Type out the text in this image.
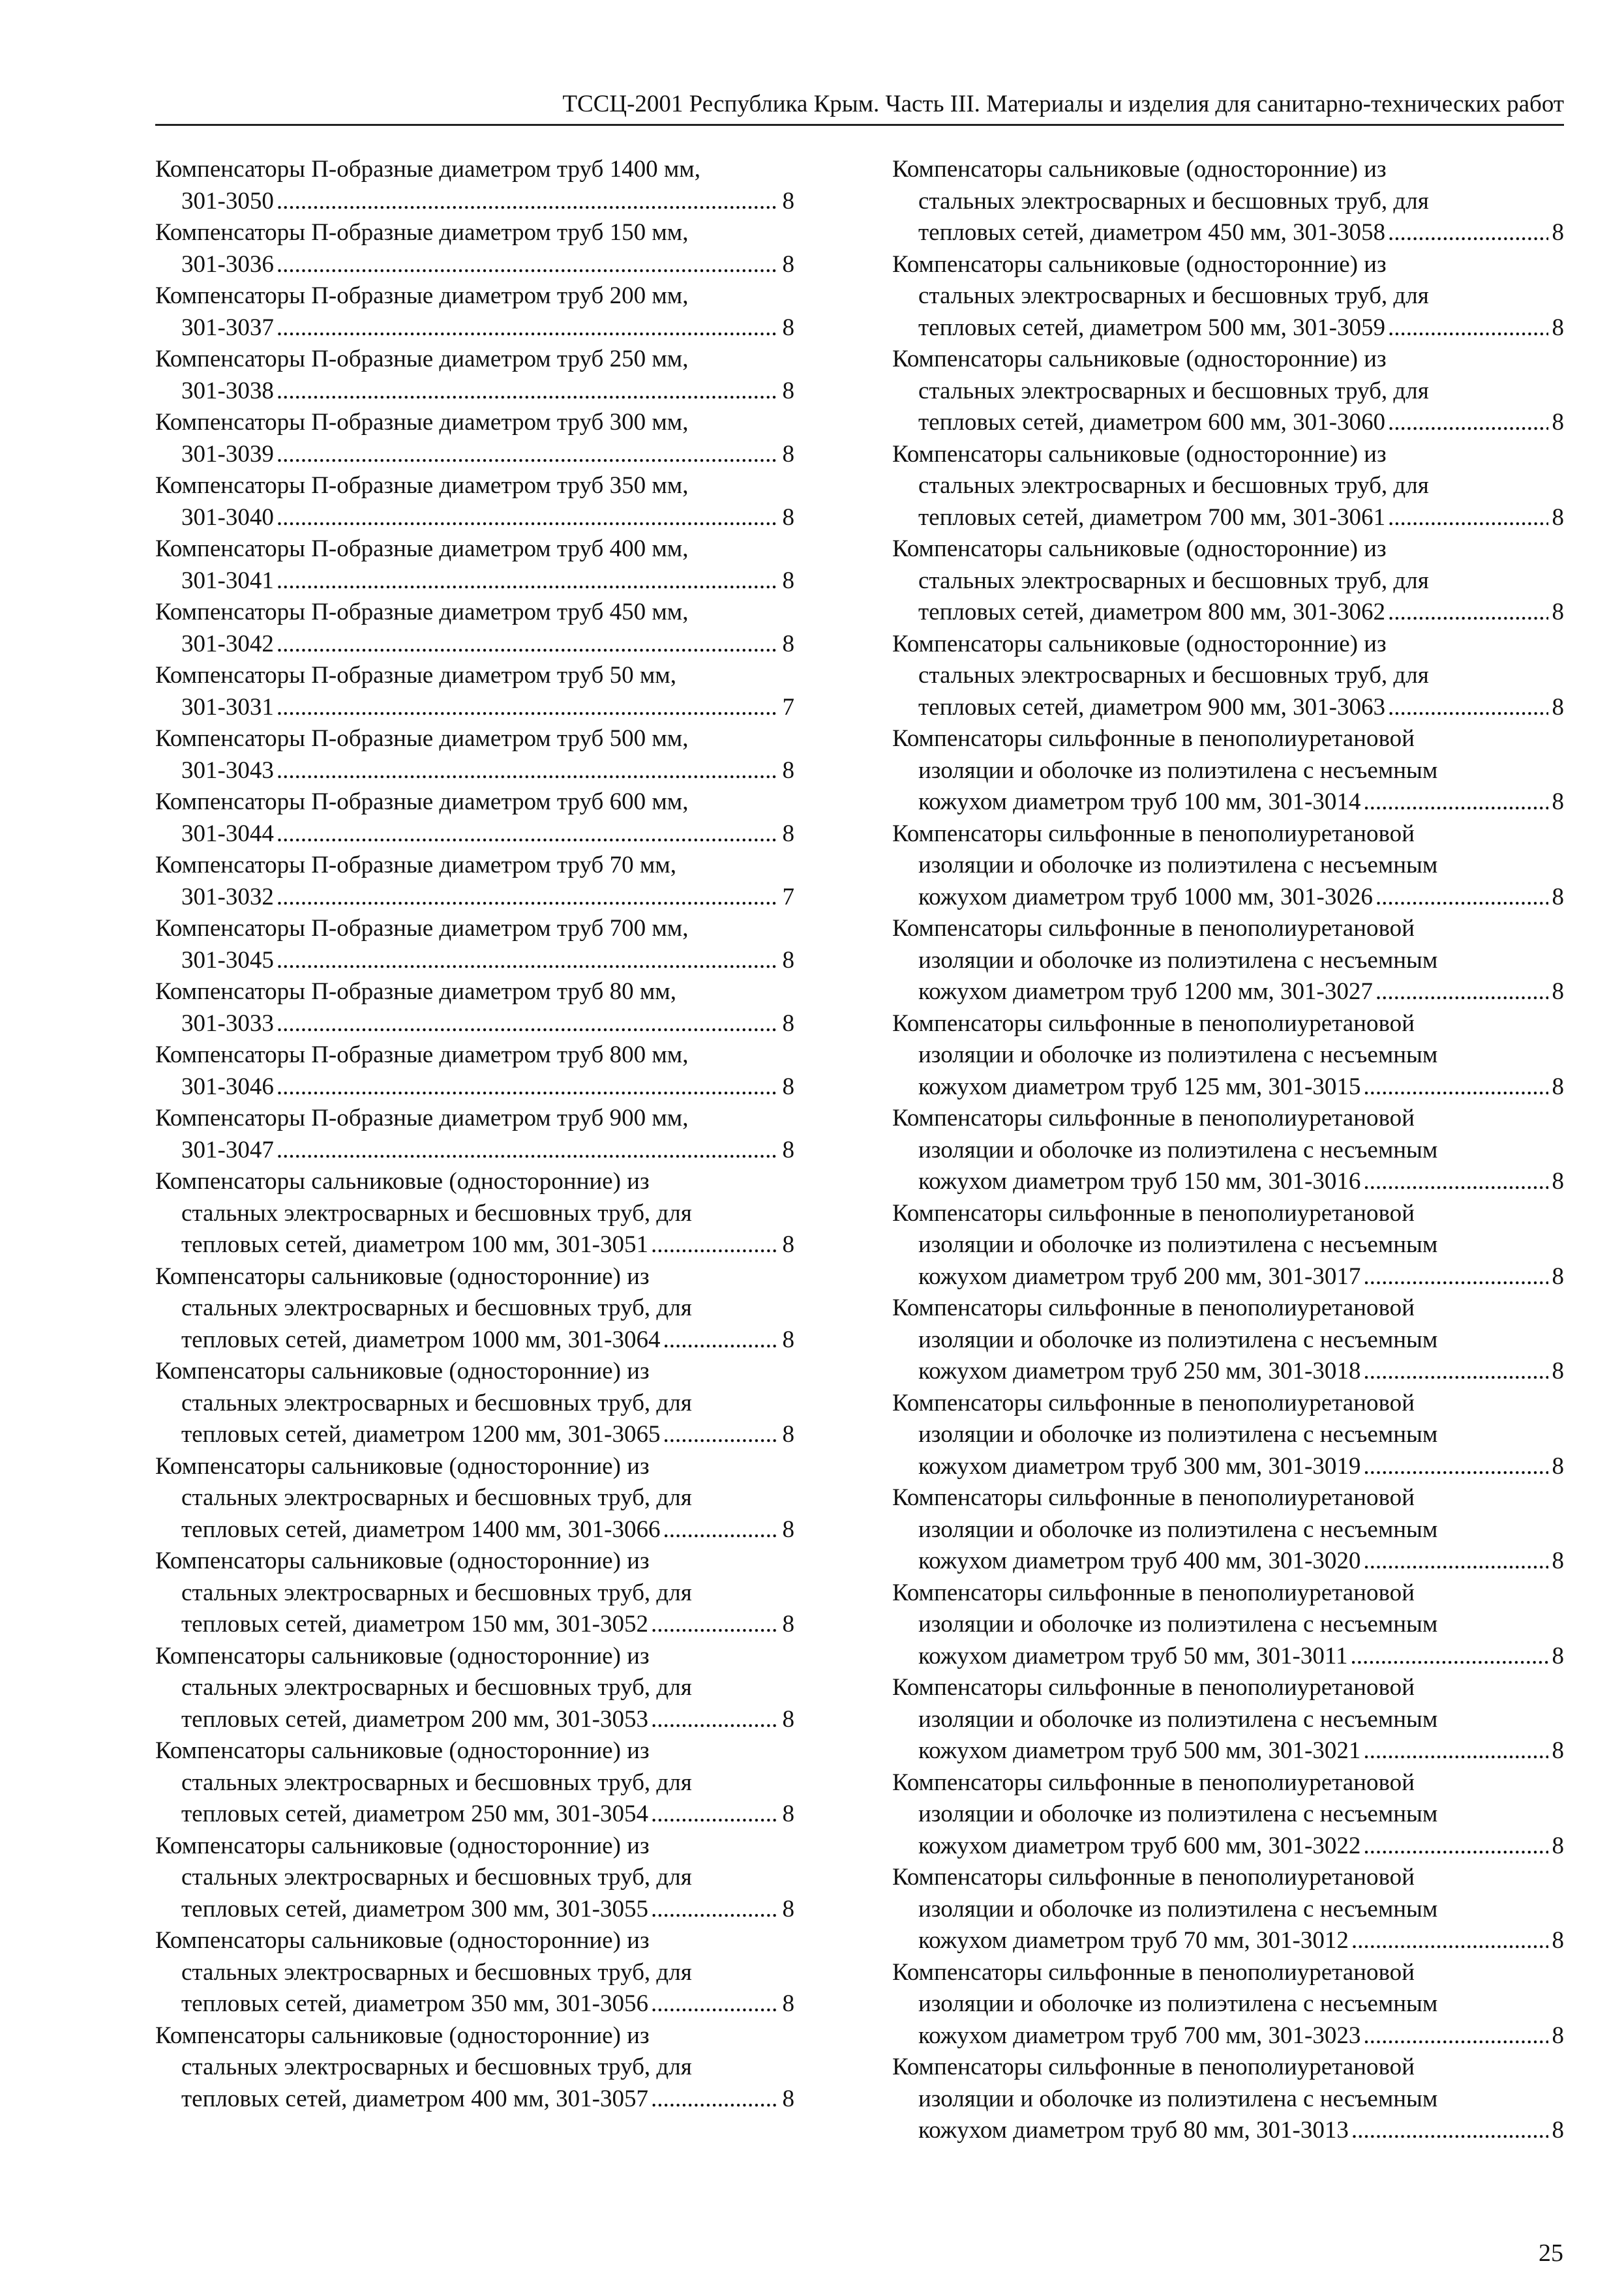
ТССЦ-2001 Республика Крым. Часть III. Материалы и изделия для санитарно-технических работ
Компенсаторы П-образные диаметром труб 1400 мм,
301-3050 .....	8
Компенсаторы П-образные диаметром труб 150 мм,
301-3036 .....	8
Компенсаторы П-образные диаметром труб 200 мм,
301-3037 .....	8
Компенсаторы П-образные диаметром труб 250 мм,
301-3038 .....	8
Компенсаторы П-образные диаметром труб 300 мм,
301-3039 .....	8
Компенсаторы П-образные диаметром труб 350 мм,
301-3040 .....	8
Компенсаторы П-образные диаметром труб 400 мм,
301-3041 .....	8
Компенсаторы П-образные диаметром труб 450 мм,
301-3042 .....	8
Компенсаторы П-образные диаметром труб 50 мм,
301-3031 .....	7
Компенсаторы П-образные диаметром труб 500 мм,
301-3043 .....	8
Компенсаторы П-образные диаметром труб 600 мм,
301-3044 .....	8
Компенсаторы П-образные диаметром труб 70 мм,
301-3032 .....	7
Компенсаторы П-образные диаметром труб 700 мм,
301-3045 .....	8
Компенсаторы П-образные диаметром труб 80 мм,
301-3033 .....	8
Компенсаторы П-образные диаметром труб 800 мм,
301-3046 .....	8
Компенсаторы П-образные диаметром труб 900 мм,
301-3047 .....	8
Компенсаторы сальниковые (односторонние) из
стальных электросварных и бесшовных труб, для
тепловых сетей, диаметром 100 мм, 301-3051 .....	8
Компенсаторы сальниковые (односторонние) из
стальных электросварных и бесшовных труб, для
тепловых сетей, диаметром 1000 мм, 301-3064 .....	8
Компенсаторы сальниковые (односторонние) из
стальных электросварных и бесшовных труб, для
тепловых сетей, диаметром 1200 мм, 301-3065 .....	8
Компенсаторы сальниковые (односторонние) из
стальных электросварных и бесшовных труб, для
тепловых сетей, диаметром 1400 мм, 301-3066 .....	8
Компенсаторы сальниковые (односторонние) из
стальных электросварных и бесшовных труб, для
тепловых сетей, диаметром 150 мм, 301-3052 .....	8
Компенсаторы сальниковые (односторонние) из
стальных электросварных и бесшовных труб, для
тепловых сетей, диаметром 200 мм, 301-3053 .....	8
Компенсаторы сальниковые (односторонние) из
стальных электросварных и бесшовных труб, для
тепловых сетей, диаметром 250 мм, 301-3054 .....	8
Компенсаторы сальниковые (односторонние) из
стальных электросварных и бесшовных труб, для
тепловых сетей, диаметром 300 мм, 301-3055 .....	8
Компенсаторы сальниковые (односторонние) из
стальных электросварных и бесшовных труб, для
тепловых сетей, диаметром 350 мм, 301-3056 .....	8
Компенсаторы сальниковые (односторонние) из
стальных электросварных и бесшовных труб, для
тепловых сетей, диаметром 400 мм, 301-3057 .....	8
Компенсаторы сальниковые (односторонние) из
стальных электросварных и бесшовных труб, для
тепловых сетей, диаметром 450 мм, 301-3058 .....	8
Компенсаторы сальниковые (односторонние) из
стальных электросварных и бесшовных труб, для
тепловых сетей, диаметром 500 мм, 301-3059 .....	8
Компенсаторы сальниковые (односторонние) из
стальных электросварных и бесшовных труб, для
тепловых сетей, диаметром 600 мм, 301-3060 .....	8
Компенсаторы сальниковые (односторонние) из
стальных электросварных и бесшовных труб, для
тепловых сетей, диаметром 700 мм, 301-3061 .....	8
Компенсаторы сальниковые (односторонние) из
стальных электросварных и бесшовных труб, для
тепловых сетей, диаметром 800 мм, 301-3062 .....	8
Компенсаторы сальниковые (односторонние) из
стальных электросварных и бесшовных труб, для
тепловых сетей, диаметром 900 мм, 301-3063 .....	8
Компенсаторы сильфонные в пенополиуретановой
изоляции и оболочке из полиэтилена с несъемным
кожухом диаметром труб 100 мм, 301-3014 .....	8
Компенсаторы сильфонные в пенополиуретановой
изоляции и оболочке из полиэтилена с несъемным
кожухом диаметром труб 1000 мм, 301-3026 .....	8
Компенсаторы сильфонные в пенополиуретановой
изоляции и оболочке из полиэтилена с несъемным
кожухом диаметром труб 1200 мм, 301-3027 .....	8
Компенсаторы сильфонные в пенополиуретановой
изоляции и оболочке из полиэтилена с несъемным
кожухом диаметром труб 125 мм, 301-3015 .....	8
Компенсаторы сильфонные в пенополиуретановой
изоляции и оболочке из полиэтилена с несъемным
кожухом диаметром труб 150 мм, 301-3016 .....	8
Компенсаторы сильфонные в пенополиуретановой
изоляции и оболочке из полиэтилена с несъемным
кожухом диаметром труб 200 мм, 301-3017 .....	8
Компенсаторы сильфонные в пенополиуретановой
изоляции и оболочке из полиэтилена с несъемным
кожухом диаметром труб 250 мм, 301-3018 .....	8
Компенсаторы сильфонные в пенополиуретановой
изоляции и оболочке из полиэтилена с несъемным
кожухом диаметром труб 300 мм, 301-3019 .....	8
Компенсаторы сильфонные в пенополиуретановой
изоляции и оболочке из полиэтилена с несъемным
кожухом диаметром труб 400 мм, 301-3020 .....	8
Компенсаторы сильфонные в пенополиуретановой
изоляции и оболочке из полиэтилена с несъемным
кожухом диаметром труб 50 мм, 301-3011 .....	8
Компенсаторы сильфонные в пенополиуретановой
изоляции и оболочке из полиэтилена с несъемным
кожухом диаметром труб 500 мм, 301-3021 .....	8
Компенсаторы сильфонные в пенополиуретановой
изоляции и оболочке из полиэтилена с несъемным
кожухом диаметром труб 600 мм, 301-3022 .....	8
Компенсаторы сильфонные в пенополиуретановой
изоляции и оболочке из полиэтилена с несъемным
кожухом диаметром труб 70 мм, 301-3012 .....	8
Компенсаторы сильфонные в пенополиуретановой
изоляции и оболочке из полиэтилена с несъемным
кожухом диаметром труб 700 мм, 301-3023 .....	8
Компенсаторы сильфонные в пенополиуретановой
изоляции и оболочке из полиэтилена с несъемным
кожухом диаметром труб 80 мм, 301-3013 .....	8
25
